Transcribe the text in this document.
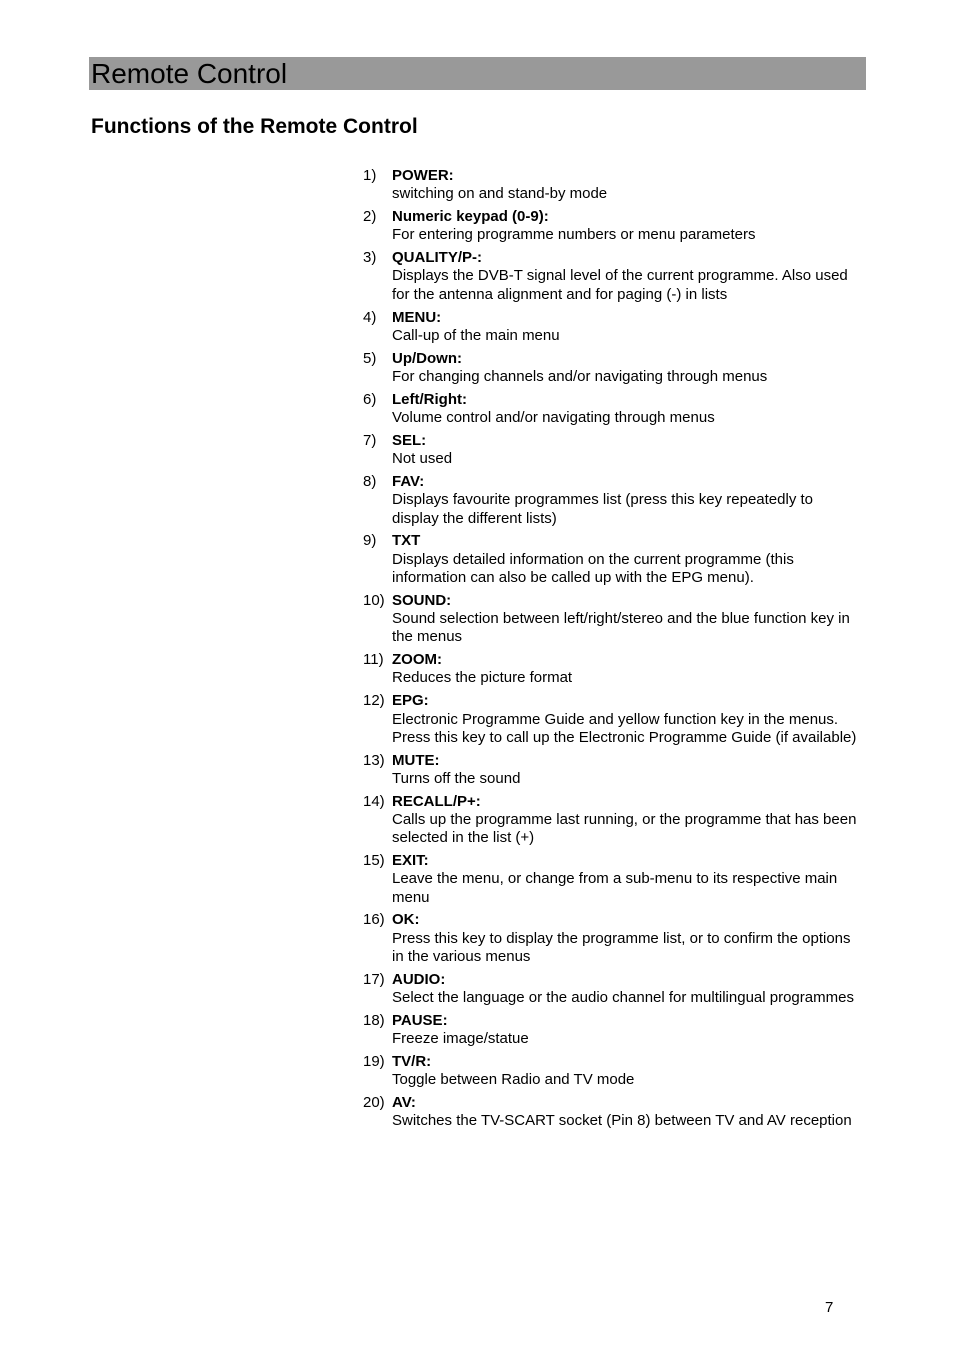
Remote Control
Functions of the Remote Control
1) POWER:
switching on and stand-by mode
2) Numeric keypad (0-9):
For entering programme numbers or menu parameters
3) QUALITY/P-:
Displays the DVB-T signal level of the current programme. Also used for the antenna alignment and for paging (-) in lists
4) MENU:
Call-up of the main menu
5) Up/Down:
For changing channels and/or navigating through menus
6) Left/Right:
Volume control and/or navigating through menus
7) SEL:
Not used
8) FAV:
Displays favourite programmes list (press this key repeatedly to display the different lists)
9) TXT
Displays detailed information on the current programme (this information can also be called up with the EPG menu).
10) SOUND:
Sound selection between left/right/stereo and the blue function key in the menus
11) ZOOM:
Reduces the picture format
12) EPG:
Electronic Programme Guide and yellow function key in the menus. Press this key to call up the Electronic Programme Guide (if available)
13) MUTE:
Turns off the sound
14) RECALL/P+:
Calls up the programme last running, or the programme that has been selected in the list (+)
15) EXIT:
Leave the menu, or change from a sub-menu to its respective main menu
16) OK:
Press this key to display the programme list, or to confirm the options in the various menus
17) AUDIO:
Select the language or the audio channel for multilingual programmes
18) PAUSE:
Freeze image/statue
19) TV/R:
Toggle between Radio and TV mode
20) AV:
Switches the TV-SCART socket (Pin 8) between TV and AV reception
7
